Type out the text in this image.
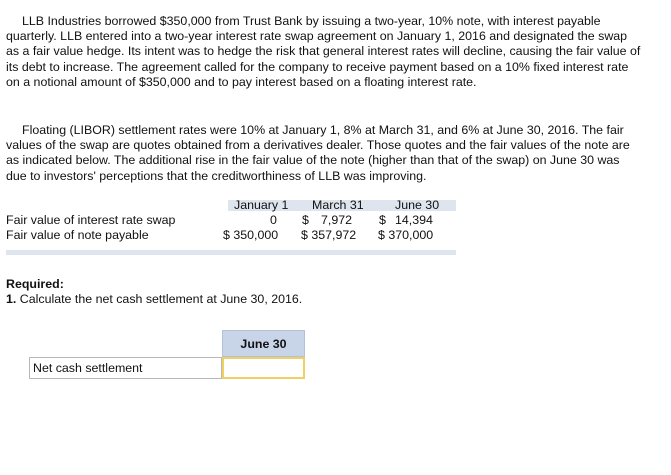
LLB Industries borrowed $350,000 from Trust Bank by issuing a two-year, 10% note, with interest payable quarterly. LLB entered into a two-year interest rate swap agreement on January 1, 2016 and designated the swap as a fair value hedge. Its intent was to hedge the risk that general interest rates will decline, causing the fair value of its debt to increase. The agreement called for the company to receive payment based on a 10% fixed interest rate on a notional amount of $350,000 and to pay interest based on a floating interest rate.

Floating (LIBOR) settlement rates were 10% at January 1, 8% at March 31, and 6% at June 30, 2016. The fair values of the swap are quotes obtained from a derivatives dealer. Those quotes and the fair values of the note are as indicated below. The additional rise in the fair value of the note (higher than that of the swap) on June 30 was due to investors' perceptions that the creditworthiness of LLB was improving.

January 1 March 31	June 30
Fair value of interest rate swap	0 $ 7,972 $ 14,394
Fair value of note payable	$ 350,000 $ 357,972 $ 370,000

Required:

1. Calculate the net cash settlement at June 30, 2016.

June 30
Net cash settlement
